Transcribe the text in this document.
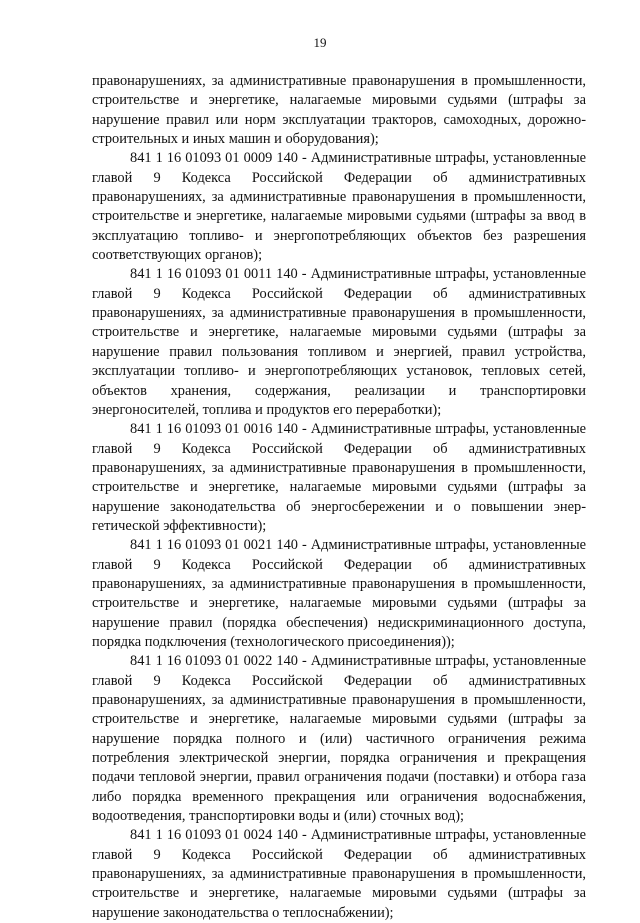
19

правонарушениях, за административные правонарушения в промышленности, строительстве и энергетике, налагаемые мировыми судьями (штрафы за нарушение правил или норм эксплуатации тракторов, самоходных, дорожно-строительных и иных машин и оборудования);

841 1 16 01093 01 0009 140 - Административные штрафы, установленные главой 9 Кодекса Российской Федерации об административных правонарушениях, за административные правонарушения в промышленности, строительстве и энергетике, налагаемые мировыми судьями (штрафы за ввод в эксплуатацию топливо- и энергопотребляющих объектов без разрешения соответствующих органов);

841 1 16 01093 01 0011 140 - Административные штрафы, установленные главой 9 Кодекса Российской Федерации об административных правонарушениях, за административные правонарушения в промышленности, строительстве и энергетике, налагаемые мировыми судьями (штрафы за нарушение правил пользования топливом и энергией, правил устройства, эксплуатации топливо- и энергопотребляющих установок, тепловых сетей, объектов хранения, содержания, реализации и транспортировки энергоносителей, топлива и продуктов его переработки);

841 1 16 01093 01 0016 140 - Административные штрафы, установленные главой 9 Кодекса Российской Федерации об административных правонарушениях, за административные правонарушения в промышленности, строительстве и энергетике, налагаемые мировыми судьями (штрафы за нарушение законодательства об энергосбережении и о повышении энергетической эффективности);

841 1 16 01093 01 0021 140 - Административные штрафы, установленные главой 9 Кодекса Российской Федерации об административных правонарушениях, за административные правонарушения в промышленности, строительстве и энергетике, налагаемые мировыми судьями (штрафы за нарушение правил (порядка обеспечения) недискриминационного доступа, порядка подключения (технологического присоединения));

841 1 16 01093 01 0022 140 - Административные штрафы, установленные главой 9 Кодекса Российской Федерации об административных правонарушениях, за административные правонарушения в промышленности, строительстве и энергетике, налагаемые мировыми судьями (штрафы за нарушение порядка полного и (или) частичного ограничения режима потребления электрической энергии, порядка ограничения и прекращения подачи тепловой энергии, правил ограничения подачи (поставки) и отбора газа либо порядка временного прекращения или ограничения водоснабжения, водоотведения, транспортировки воды и (или) сточных вод);

841 1 16 01093 01 0024 140 - Административные штрафы, установленные главой 9 Кодекса Российской Федерации об административных правонарушениях, за административные правонарушения в промышленности, строительстве и энергетике, налагаемые мировыми судьями (штрафы за нарушение законодательства о теплоснабжении);
